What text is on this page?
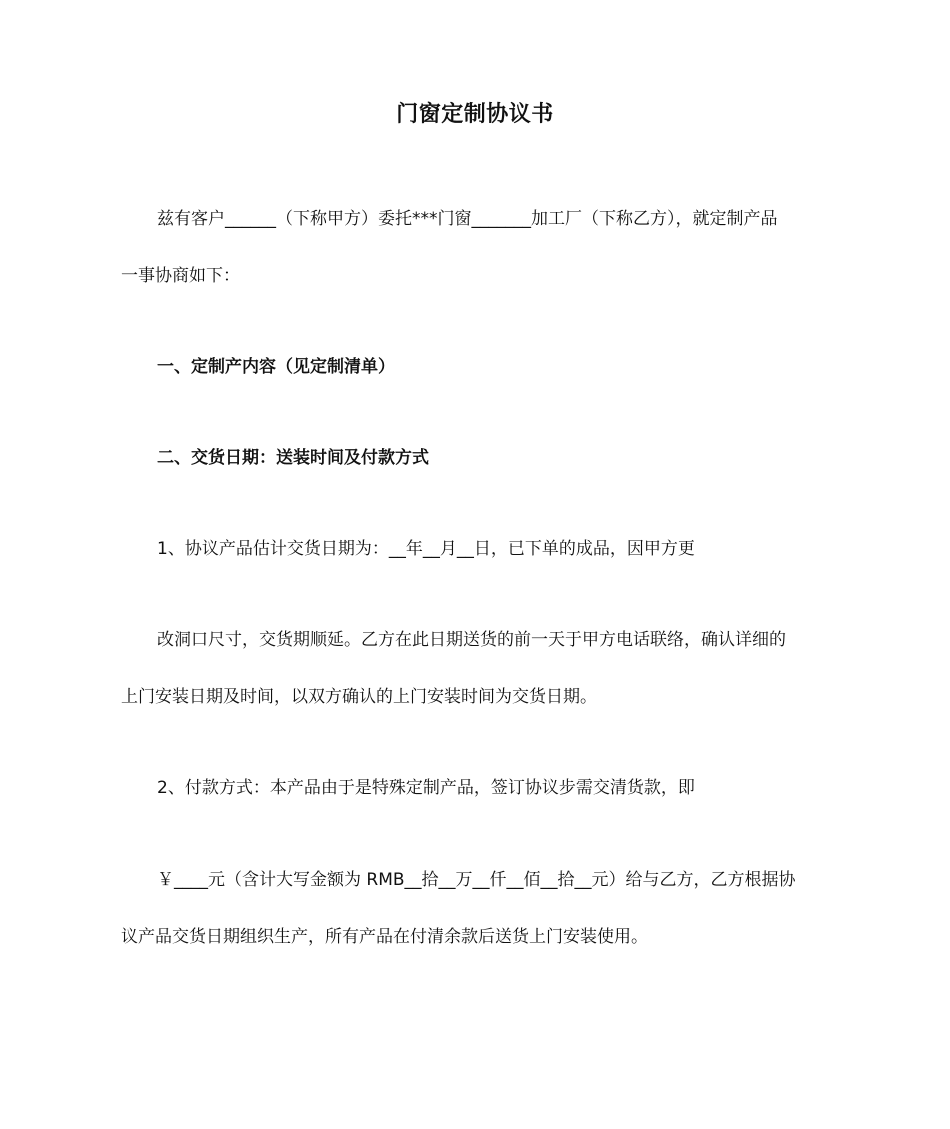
门窗定制协议书

兹有客户______（下称甲方）委托***门窗_______加工厂（下称乙方），就定制产品

一事协商如下：

一、定制产内容（见定制清单）

二、交货日期：送装时间及付款方式

1、协议产品估计交货日期为：__年__月__日，已下单的成品，因甲方更

改洞口尺寸，交货期顺延。乙方在此日期送货的前一天于甲方电话联络，确认详细的

上门安装日期及时间，以双方确认的上门安装时间为交货日期。

2、付款方式：本产品由于是特殊定制产品，签订协议步需交清货款，即

￥____元（含计大写金额为 RMB__拾__万__仟__佰__拾__元）给与乙方，乙方根据协

议产品交货日期组织生产，所有产品在付清余款后送货上门安装使用。
